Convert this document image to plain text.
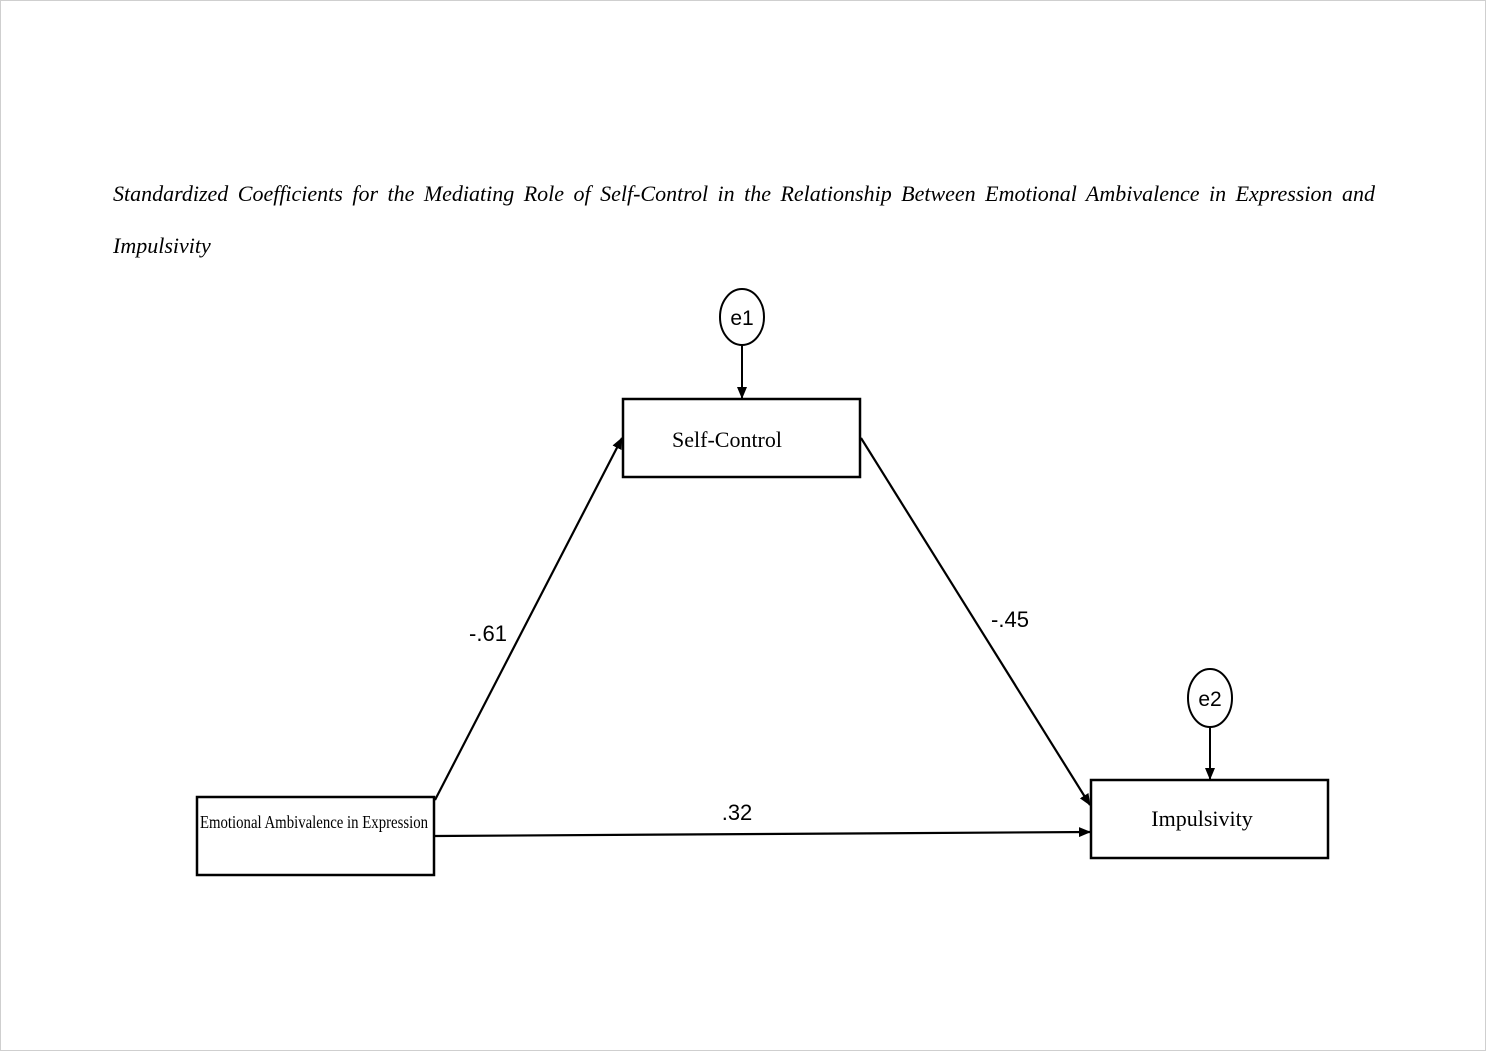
Standardized Coefficients for the Mediating Role of Self-Control in the Relationship Between Emotional Ambivalence in Expression and Impulsivity
e1
e2
Self-Control
Emotional Ambivalence in Expression	Impulsivity
-.61
-.45
.32
